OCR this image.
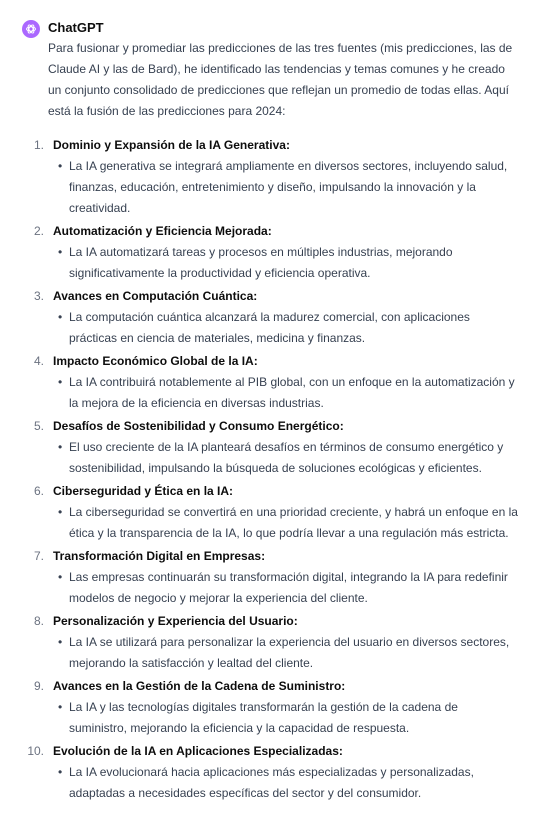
ChatGPT

Para fusionar y promediar las predicciones de las tres fuentes (mis predicciones, las de Claude AI y las de Bard), he identificado las tendencias y temas comunes y he creado un conjunto consolidado de predicciones que reflejan un promedio de todas ellas. Aquí está la fusión de las predicciones para 2024:

1. Dominio y Expansión de la IA Generativa:
• La IA generativa se integrará ampliamente en diversos sectores, incluyendo salud, finanzas, educación, entretenimiento y diseño, impulsando la innovación y la creatividad.
2. Automatización y Eficiencia Mejorada:
• La IA automatizará tareas y procesos en múltiples industrias, mejorando significativamente la productividad y eficiencia operativa.
3. Avances en Computación Cuántica:
• La computación cuántica alcanzará la madurez comercial, con aplicaciones prácticas en ciencia de materiales, medicina y finanzas.
4. Impacto Económico Global de la IA:
• La IA contribuirá notablemente al PIB global, con un enfoque en la automatización y la mejora de la eficiencia en diversas industrias.
5. Desafíos de Sostenibilidad y Consumo Energético:
• El uso creciente de la IA planteará desafíos en términos de consumo energético y sostenibilidad, impulsando la búsqueda de soluciones ecológicas y eficientes.
6. Ciberseguridad y Ética en la IA:
• La ciberseguridad se convertirá en una prioridad creciente, y habrá un enfoque en la ética y la transparencia de la IA, lo que podría llevar a una regulación más estricta.
7. Transformación Digital en Empresas:
• Las empresas continuarán su transformación digital, integrando la IA para redefinir modelos de negocio y mejorar la experiencia del cliente.
8. Personalización y Experiencia del Usuario:
• La IA se utilizará para personalizar la experiencia del usuario en diversos sectores, mejorando la satisfacción y lealtad del cliente.
9. Avances en la Gestión de la Cadena de Suministro:
• La IA y las tecnologías digitales transformarán la gestión de la cadena de suministro, mejorando la eficiencia y la capacidad de respuesta.
10. Evolución de la IA en Aplicaciones Especializadas:
• La IA evolucionará hacia aplicaciones más especializadas y personalizadas, adaptadas a necesidades específicas del sector y del consumidor.
